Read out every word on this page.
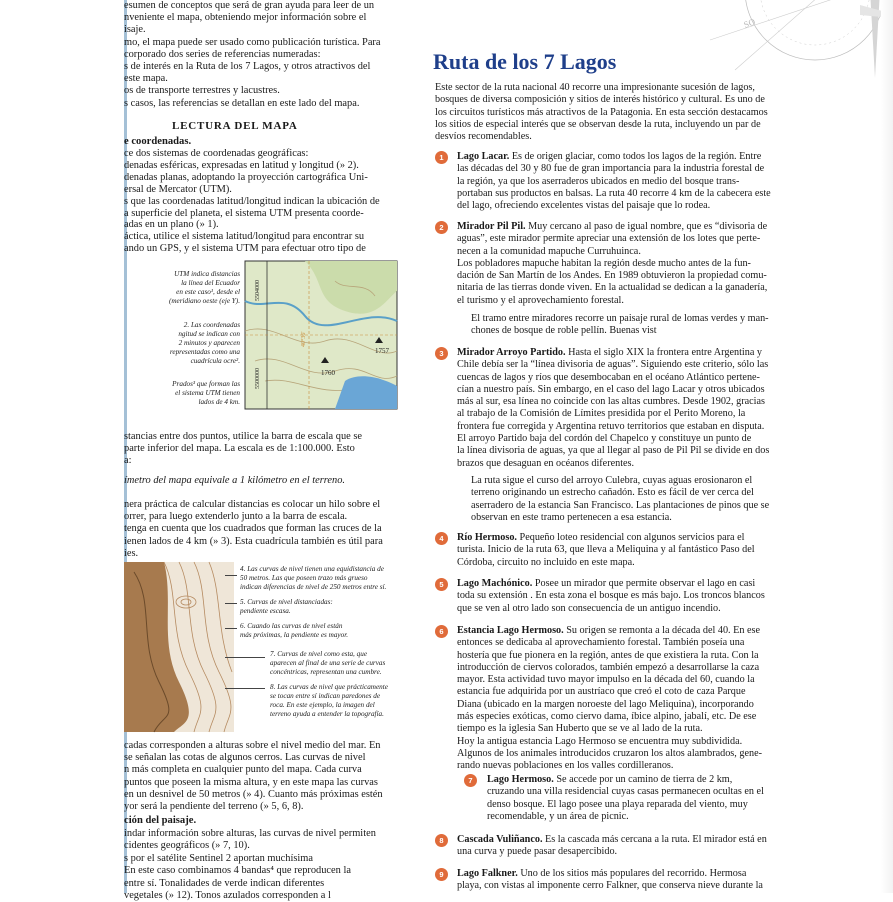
esumen de conceptos que será de gran ayuda para leer de un
nveniente el mapa, obteniendo mejor información sobre el
isaje.
mo, el mapa puede ser usado como publicación turística. Para
corporado dos series de referencias numeradas:
s de interés en la Ruta de los 7 Lagos, y otros atractivos del
este mapa.
os de transporte terrestres y lacustres.
s casos, las referencias se detallan en este lado del mapa.
LECTURA DEL MAPA
e coordenadas.
ce dos sistemas de coordenadas geográficas:
denadas esféricas, expresadas en latitud y longitud (» 2).
denadas planas, adoptando la proyección cartográfica Uni-
ersal de Mercator (UTM).
s que las coordenadas latitud/longitud indican la ubicación de
a superficie del planeta, el sistema UTM presenta coorde-
adas en un plano (» 1).
áctica, utilice el sistema latitud/longitud para encontrar su
ando un GPS, y el sistema UTM para efectuar otro tipo de
5504000
5500000
40°36'
1757
1760
UTM indica distancias
la línea del Ecuador
en este caso¹, desde el
(meridiano oeste (eje Y).
2. Las coordenadas
ngitud se indican con
2 minutos y aparecen
representadas como una
cuadrícula ocre².
Prados³ que forman las
el sistema UTM tienen
lados de 4 km.
stancias entre dos puntos, utilice la barra de escala que se
parte inferior del mapa. La escala es de 1:100.000. Esto
a:
ímetro del mapa equivale a 1 kilómetro en el terreno.
nera práctica de calcular distancias es colocar un hilo sobre el
orrer, para luego extenderlo junto a la barra de escala.
tenga en cuenta que los cuadrados que forman las cruces de la
ienen lados de 4 km (» 3). Esta cuadrícula también es útil para
ies.
4. Las curvas de nivel tienen una equidistancia de
50 metros. Las que poseen trazo más grueso
indican diferencias de nivel de 250 metros entre sí.
5. Curvas de nivel distanciadas:
pendiente escasa.
6. Cuando las curvas de nivel están
más próximas, la pendiente es mayor.
7. Curvas de nivel como esta, que
aparecen al final de una serie de curvas
concéntricas, representan una cumbre.
8. Las curvas de nivel que prácticamente
se tocan entre sí indican paredones de
roca. En este ejemplo, la imagen del
terreno ayuda a entender la topografía.
cadas corresponden a alturas sobre el nivel medio del mar. En
se señalan las cotas de algunos cerros. Las curvas de nivel
n más completa en cualquier punto del mapa. Cada curva
puntos que poseen la misma altura, y en este mapa las curvas
en un desnivel de 50 metros (» 4). Cuanto más próximas estén
yor será la pendiente del terreno (» 5, 6, 8).
ción del paisaje.
indar información sobre alturas, las curvas de nivel permiten
cidentes geográficos (» 7, 10).
s por el satélite Sentinel 2 aportan muchísima
En este caso combinamos 4 bandas⁴ que reproducen la
entre sí. Tonalidades de verde indican diferentes
vegetales (» 12). Tonos azulados corresponden a l
SO
Ruta de los 7 Lagos
Este sector de la ruta nacional 40 recorre una impresionante sucesión de lagos,
bosques de diversa composición y sitios de interés histórico y cultural. Es uno de
los circuitos turísticos más atractivos de la Patagonia. En esta sección destacamos
los sitios de especial interés que se observan desde la ruta, incluyendo un par de
desvíos recomendables.
1	Lago Lacar. Es de origen glaciar, como todos los lagos de la región. Entre
las décadas del 30 y 80 fue de gran importancia para la industria forestal de
la región, ya que los aserraderos ubicados en medio del bosque trans-
portaban sus productos en balsas. La ruta 40 recorre 4 km de la cabecera este
del lago, ofreciendo excelentes vistas del paisaje que lo rodea.
2	Mirador Pil Pil. Muy cercano al paso de igual nombre, que es “divisoria de
aguas”, este mirador permite apreciar una extensión de los lotes que perte-
necen a la comunidad mapuche Curruhuinca.
Los pobladores mapuche habitan la región desde mucho antes de la fun-
dación de San Martín de los Andes. En 1989 obtuvieron la propiedad comu-
nitaria de las tierras donde viven. En la actualidad se dedican a la ganadería,
el turismo y el aprovechamiento forestal.
El tramo entre miradores recorre un paisaje rural de lomas verdes y man-
chones de bosque de roble pellín. Buenas vist
3	Mirador Arroyo Partido. Hasta el siglo XIX la frontera entre Argentina y
Chile debía ser la “línea divisoria de aguas”. Siguiendo este criterio, sólo las
cuencas de lagos y ríos que desembocaban en el océano Atlántico pertene-
cían a nuestro país. Sin embargo, en el caso del lago Lacar y otros ubicados
más al sur, esa línea no coincide con las altas cumbres. Desde 1902, gracias
al trabajo de la Comisión de Límites presidida por el Perito Moreno, la
frontera fue corregida y Argentina retuvo territorios que estaban en disputa.
El arroyo Partido baja del cordón del Chapelco y constituye un punto de
la línea divisoria de aguas, ya que al llegar al paso de Pil Pil se divide en dos
brazos que desaguan en océanos diferentes.
La ruta sigue el curso del arroyo Culebra, cuyas aguas erosionaron el
terreno originando un estrecho cañadón. Esto es fácil de ver cerca del
aserradero de la estancia San Francisco. Las plantaciones de pinos que se
observan en este tramo pertenecen a esa estancia.
4	Río Hermoso. Pequeño loteo residencial con algunos servicios para el
turista. Inicio de la ruta 63, que lleva a Meliquina y al fantástico Paso del
Córdoba, circuito no incluido en este mapa.
5	Lago Machónico. Posee un mirador que permite observar el lago en casi
toda su extensión . En esta zona el bosque es más bajo. Los troncos blancos
que se ven al otro lado son consecuencia de un antiguo incendio.
6	Estancia Lago Hermoso. Su origen se remonta a la década del 40. En ese
entonces se dedicaba al aprovechamiento forestal. También poseía una
hostería que fue pionera en la región, antes de que existiera la ruta. Con la
introducción de ciervos colorados, también empezó a desarrollarse la caza
mayor. Esta actividad tuvo mayor impulso en la década del 60, cuando la
estancia fue adquirida por un austríaco que creó el coto de caza Parque
Diana (ubicado en la margen noroeste del lago Meliquina), incorporando
más especies exóticas, como ciervo dama, íbice alpino, jabalí, etc. De ese
tiempo es la iglesia San Huberto que se ve al lado de la ruta.
Hoy la antigua estancia Lago Hermoso se encuentra muy subdividida.
Algunos de los animales introducidos cruzaron los altos alambrados, gene-
rando nuevas poblaciones en los valles cordilleranos.
7	Lago Hermoso. Se accede por un camino de tierra de 2 km,
cruzando una villa residencial cuyas casas permanecen ocultas en el
denso bosque. El lago posee una playa reparada del viento, muy
recomendable, y un área de picnic.
8	Cascada Vuliñanco. Es la cascada más cercana a la ruta. El mirador está en
una curva y puede pasar desapercibido.
9	Lago Falkner. Uno de los sitios más populares del recorrido. Hermosa
playa, con vistas al imponente cerro Falkner, que conserva nieve durante la
